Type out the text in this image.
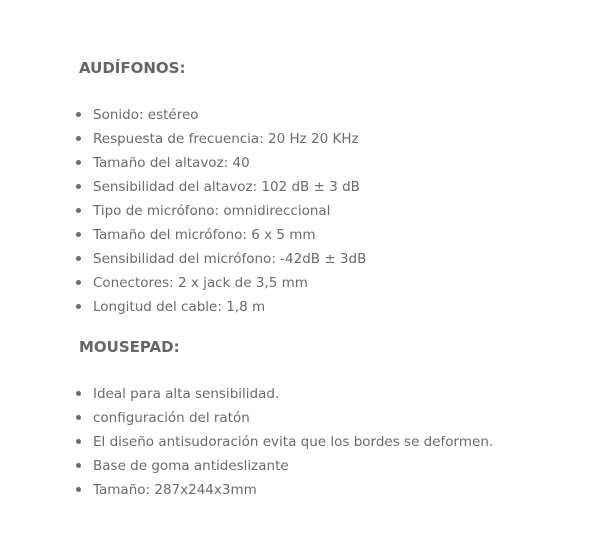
AUDÍFONOS:
Sonido: estéreo
Respuesta de frecuencia: 20 Hz 20 KHz
Tamaño del altavoz: 40
Sensibilidad del altavoz: 102 dB ± 3 dB
Tipo de micrófono: omnidireccional
Tamaño del micrófono: 6 x 5 mm
Sensibilidad del micrófono: -42dB ± 3dB
Conectores: 2 x jack de 3,5 mm
Longitud del cable: 1,8 m
MOUSEPAD:
Ideal para alta sensibilidad.
configuración del ratón
El diseño antisudoración evita que los bordes se deformen.
Base de goma antideslizante
Tamaño: 287x244x3mm
